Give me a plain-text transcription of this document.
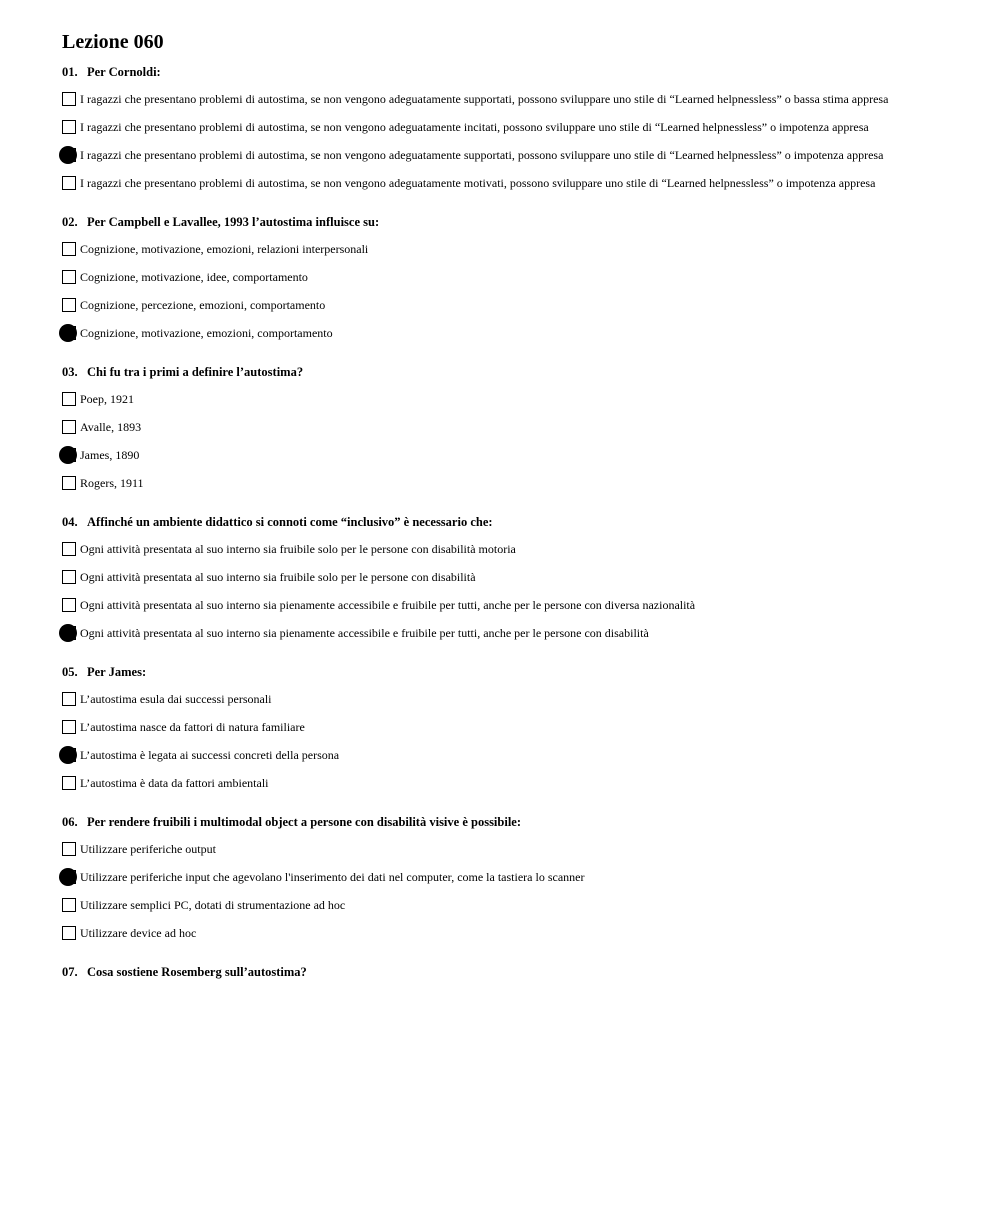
Lezione 060
01. Per Cornoldi:
I ragazzi che presentano problemi di autostima, se non vengono adeguatamente supportati, possono sviluppare uno stile di “Learned helpnessless” o bassa stima appresa
I ragazzi che presentano problemi di autostima, se non vengono adeguatamente incitati, possono sviluppare uno stile di “Learned helpnessless” o impotenza appresa
I ragazzi che presentano problemi di autostima, se non vengono adeguatamente supportati, possono sviluppare uno stile di “Learned helpnessless” o impotenza appresa
I ragazzi che presentano problemi di autostima, se non vengono adeguatamente motivati, possono sviluppare uno stile di “Learned helpnessless” o impotenza appresa
02. Per Campbell e Lavallee, 1993 l’autostima influisce su:
Cognizione, motivazione, emozioni, relazioni interpersonali
Cognizione, motivazione, idee, comportamento
Cognizione, percezione, emozioni, comportamento
Cognizione, motivazione, emozioni, comportamento
03. Chi fu tra i primi a definire l’autostima?
Poep, 1921
Avalle, 1893
James, 1890
Rogers, 1911
04. Affinché un ambiente didattico si connoti come “inclusivo” è necessario che:
Ogni attività presentata al suo interno sia fruibile solo per le persone con disabilità motoria
Ogni attività presentata al suo interno sia fruibile solo per le persone con disabilità
Ogni attività presentata al suo interno sia pienamente accessibile e fruibile per tutti, anche per le persone con diversa nazionalità
Ogni attività presentata al suo interno sia pienamente accessibile e fruibile per tutti, anche per le persone con disabilità
05. Per James:
L’autostima esula dai successi personali
L’autostima nasce da fattori di natura familiare
L’autostima è legata ai successi concreti della persona
L’autostima è data da fattori ambientali
06. Per rendere fruibili i multimodal object a persone con disabilità visive è possibile:
Utilizzare periferiche output
Utilizzare periferiche input che agevolano l'inserimento dei dati nel computer, come la tastiera lo scanner
Utilizzare semplici PC, dotati di strumentazione ad hoc
Utilizzare device ad hoc
07. Cosa sostiene Rosemberg sull’autostima?
